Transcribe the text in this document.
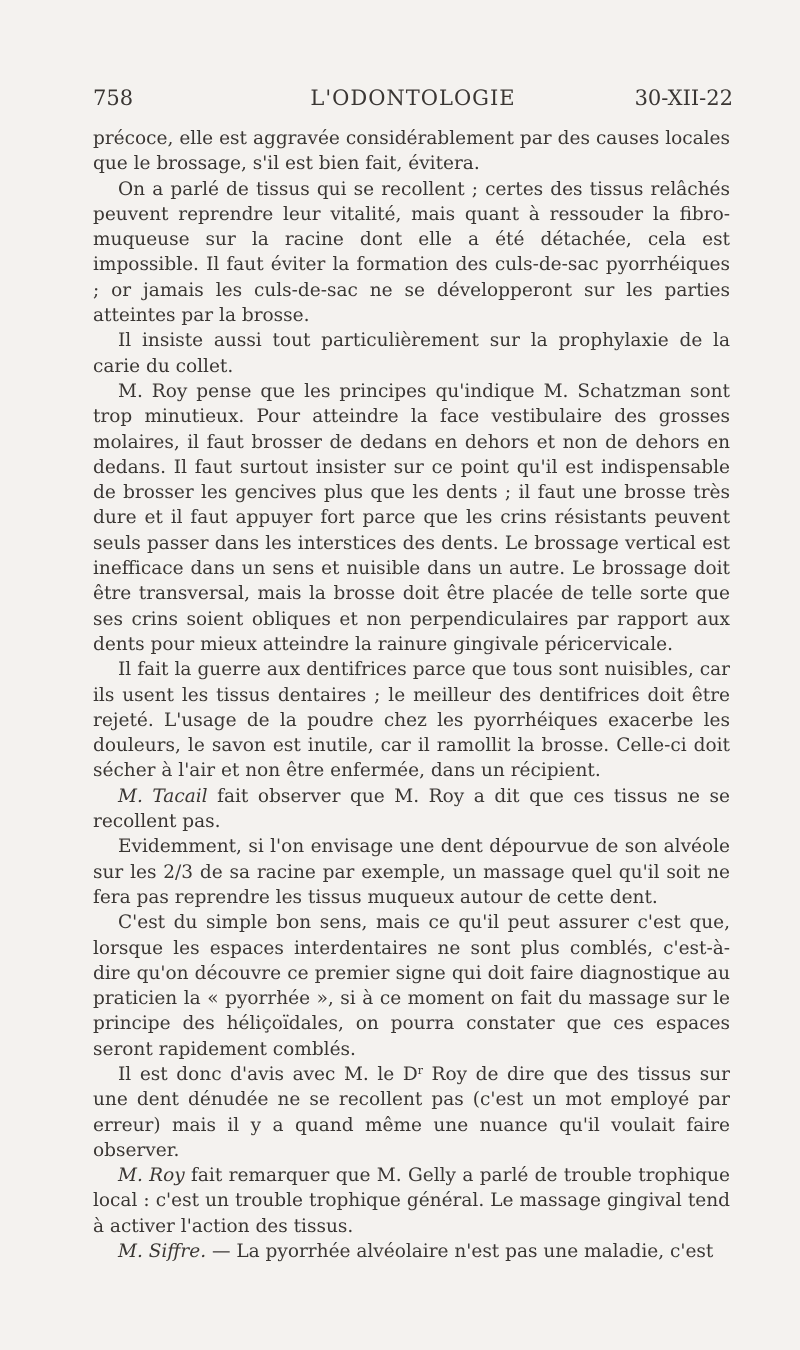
758	L'ODONTOLOGIE	30-XII-22

précoce, elle est aggravée considérablement par des causes locales que le brossage, s'il est bien fait, évitera.

On a parlé de tissus qui se recollent ; certes des tissus relâchés peuvent reprendre leur vitalité, mais quant à ressouder la fibro-muqueuse sur la racine dont elle a été détachée, cela est impossible. Il faut éviter la formation des culs-de-sac pyorrhéiques ; or jamais les culs-de-sac ne se développeront sur les parties atteintes par la brosse.

Il insiste aussi tout particulièrement sur la prophylaxie de la carie du collet.

M. Roy pense que les principes qu'indique M. Schatzman sont trop minutieux. Pour atteindre la face vestibulaire des grosses molaires, il faut brosser de dedans en dehors et non de dehors en dedans. Il faut surtout insister sur ce point qu'il est indispensable de brosser les gencives plus que les dents ; il faut une brosse très dure et il faut appuyer fort parce que les crins résistants peuvent seuls passer dans les interstices des dents. Le brossage vertical est inefficace dans un sens et nuisible dans un autre. Le brossage doit être transversal, mais la brosse doit être placée de telle sorte que ses crins soient obliques et non perpendiculaires par rapport aux dents pour mieux atteindre la rainure gingivale péricervicale.

Il fait la guerre aux dentifrices parce que tous sont nuisibles, car ils usent les tissus dentaires ; le meilleur des dentifrices doit être rejeté. L'usage de la poudre chez les pyorrhéiques exacerbe les douleurs, le savon est inutile, car il ramollit la brosse. Celle-ci doit sécher à l'air et non être enfermée, dans un récipient.

M. Tacail fait observer que M. Roy a dit que ces tissus ne se recollent pas.

Evidemment, si l'on envisage une dent dépourvue de son alvéole sur les 2/3 de sa racine par exemple, un massage quel qu'il soit ne fera pas reprendre les tissus muqueux autour de cette dent.

C'est du simple bon sens, mais ce qu'il peut assurer c'est que, lorsque les espaces interdentaires ne sont plus comblés, c'est-à-dire qu'on découvre ce premier signe qui doit faire diagnostique au praticien la « pyorrhée », si à ce moment on fait du massage sur le principe des héliçoïdales, on pourra constater que ces espaces seront rapidement comblés.

Il est donc d'avis avec M. le $D^r$ Roy de dire que des tissus sur une dent dénudée ne se recollent pas (c'est un mot employé par erreur) mais il y a quand même une nuance qu'il voulait faire observer.

M. Roy fait remarquer que M. Gelly a parlé de trouble trophique local : c'est un trouble trophique général. Le massage gingival tend à activer l'action des tissus.

M. Siffre. — La pyorrhée alvéolaire n'est pas une maladie, c'est
